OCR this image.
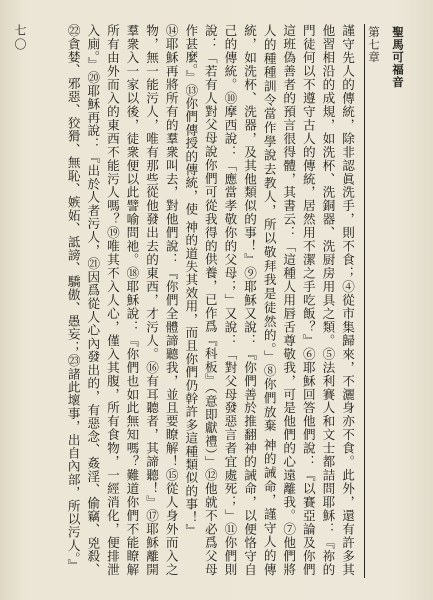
聖馬可福音
第七章

謹守先人的傳統，除非認眞洗手，則不食；④從市集歸來，不灑身亦不食。此外，還有許多其他習相沿的成規，如洗杯、洗銅器、洗厨房用具之類。⑤法利賽人和文士都詰問耶穌：『祢的門徒何以不遵守古人的傳統，居然用不潔之手吃飯？』⑥耶穌回答他們說：『以賽亞論及你們這班偽善者的預言很得體，其書云：「這種人用唇舌尊敬我，可是他們的心遠離我。⑦他們將人的種種訓令當作學說去教人，所以敬拜我是徒然的。」⑧你們放棄 神的誡命，謹守人的傳統，如洗杯、洗器，及其他類似的事！』⑨耶穌又說：『你們善於推翻神的誡命，以便恪守自己的傳統。⑩摩西說：「應當孝敬你的父母；」又說：「對父母發惡言者宜處死；」⑪你們則說：「若有人對父母說你們可從我得的供養，已作爲『科板』（意即獻禮）」⑫他就不必爲父母作甚麼。』⑬你們傳授的傳統，使 神的道失其效用，而且你們仍幹許多這種類似的事！』

⑭耶穌再將所有的羣衆叫去，對他們說：『你們全體諦聽我，並且要瞭解！⑮從人身外而入之物，無一能污人，唯有那些從他發出去的東西，才污人。⑯有耳聽者，其諦聽！』⑰耶穌離開羣衆入一家以後，徒衆便以此譬喻問祂。⑱耶穌說：『你們也如此無知嗎？難道你們不能瞭解所有由外而入的東西不能污人嗎？⑲唯其不入人心，僅入其腹，所有食物，一經消化，便排泄入廁。』⑳耶穌再說：『出於人者污人，㉑因爲從人心內發出的，有惡念、姦淫、偷竊、兇殺、㉒貪婪、邪惡、狡猾、無恥、嫉妬、詆謗、驕傲、愚妄；㉓諸此壞事，出自內部，所以污人。』

七〇
